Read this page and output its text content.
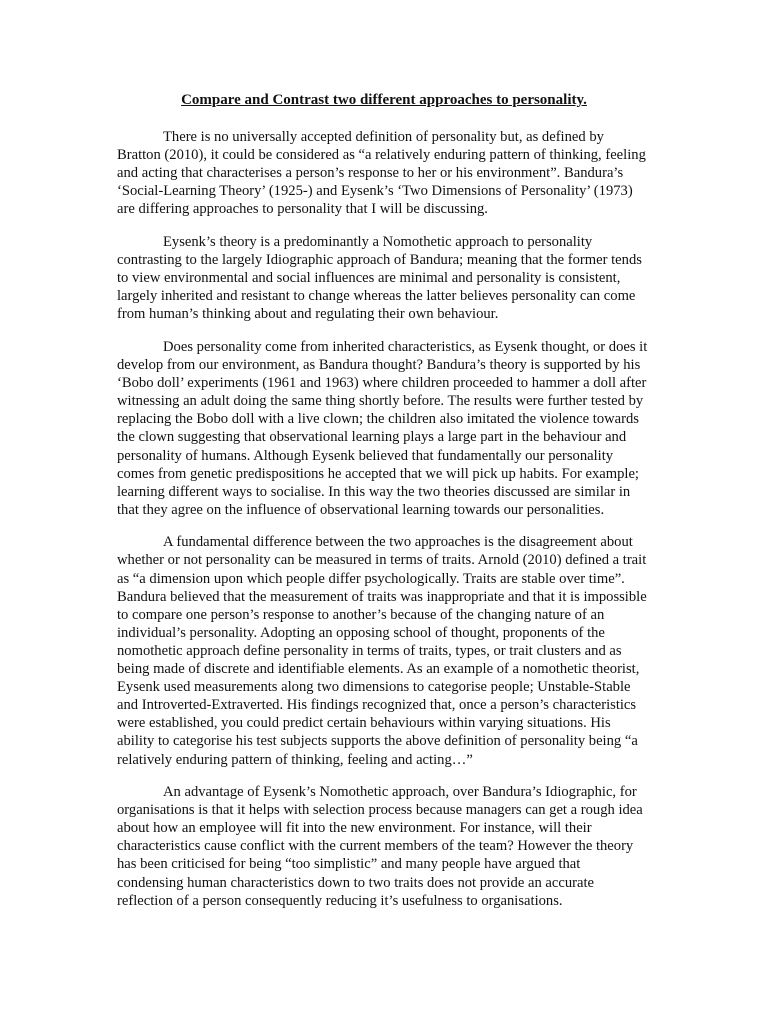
Compare and Contrast two different approaches to personality.

There is no universally accepted definition of personality but, as defined by Bratton (2010), it could be considered as “a relatively enduring pattern of thinking, feeling and acting that characterises a person’s response to her or his environment”. Bandura’s ‘Social-Learning Theory’ (1925-) and Eysenk’s ‘Two Dimensions of Personality’ (1973) are differing approaches to personality that I will be discussing.

Eysenk’s theory is a predominantly a Nomothetic approach to personality contrasting to the largely Idiographic approach of Bandura; meaning that the former tends to view environmental and social influences are minimal and personality is consistent, largely inherited and resistant to change whereas the latter believes personality can come from human’s thinking about and regulating their own behaviour.

Does personality come from inherited characteristics, as Eysenk thought, or does it develop from our environment, as Bandura thought? Bandura’s theory is supported by his ‘Bobo doll’ experiments (1961 and 1963) where children proceeded to hammer a doll after witnessing an adult doing the same thing shortly before. The results were further tested by replacing the Bobo doll with a live clown; the children also imitated the violence towards the clown suggesting that observational learning plays a large part in the behaviour and personality of humans. Although Eysenk believed that fundamentally our personality comes from genetic predispositions he accepted that we will pick up habits. For example; learning different ways to socialise. In this way the two theories discussed are similar in that they agree on the influence of observational learning towards our personalities.

A fundamental difference between the two approaches is the disagreement about whether or not personality can be measured in terms of traits. Arnold (2010) defined a trait as “a dimension upon which people differ psychologically. Traits are stable over time”. Bandura believed that the measurement of traits was inappropriate and that it is impossible to compare one person’s response to another’s because of the changing nature of an individual’s personality. Adopting an opposing school of thought, proponents of the nomothetic approach define personality in terms of traits, types, or trait clusters and as being made of discrete and identifiable elements. As an example of a nomothetic theorist, Eysenk used measurements along two dimensions to categorise people; Unstable-Stable and Introverted-Extraverted. His findings recognized that, once a person’s characteristics were established, you could predict certain behaviours within varying situations. His ability to categorise his test subjects supports the above definition of personality being “a relatively enduring pattern of thinking, feeling and acting…”

An advantage of Eysenk’s Nomothetic approach, over Bandura’s Idiographic, for organisations is that it helps with selection process because managers can get a rough idea about how an employee will fit into the new environment. For instance, will their characteristics cause conflict with the current members of the team? However the theory has been criticised for being “too simplistic” and many people have argued that condensing human characteristics down to two traits does not provide an accurate reflection of a person consequently reducing it’s usefulness to organisations.
